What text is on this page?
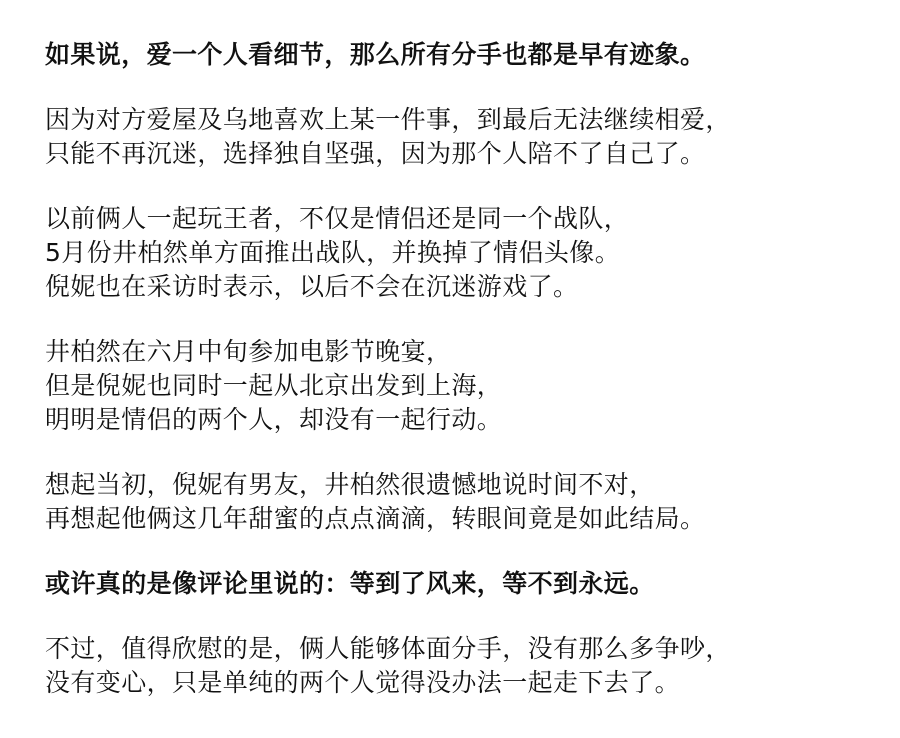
如果说，爱一个人看细节，那么所有分手也都是早有迹象。

因为对方爱屋及乌地喜欢上某一件事，到最后无法继续相爱，
只能不再沉迷，选择独自坚强，因为那个人陪不了自己了。

以前俩人一起玩王者，不仅是情侣还是同一个战队，
5月份井柏然单方面推出战队，并换掉了情侣头像。
倪妮也在采访时表示，以后不会在沉迷游戏了。

井柏然在六月中旬参加电影节晚宴，
但是倪妮也同时一起从北京出发到上海，
明明是情侣的两个人，却没有一起行动。

想起当初，倪妮有男友，井柏然很遗憾地说时间不对，
再想起他俩这几年甜蜜的点点滴滴，转眼间竟是如此结局。

或许真的是像评论里说的：等到了风来，等不到永远。

不过，值得欣慰的是，俩人能够体面分手，没有那么多争吵，
没有变心，只是单纯的两个人觉得没办法一起走下去了。
